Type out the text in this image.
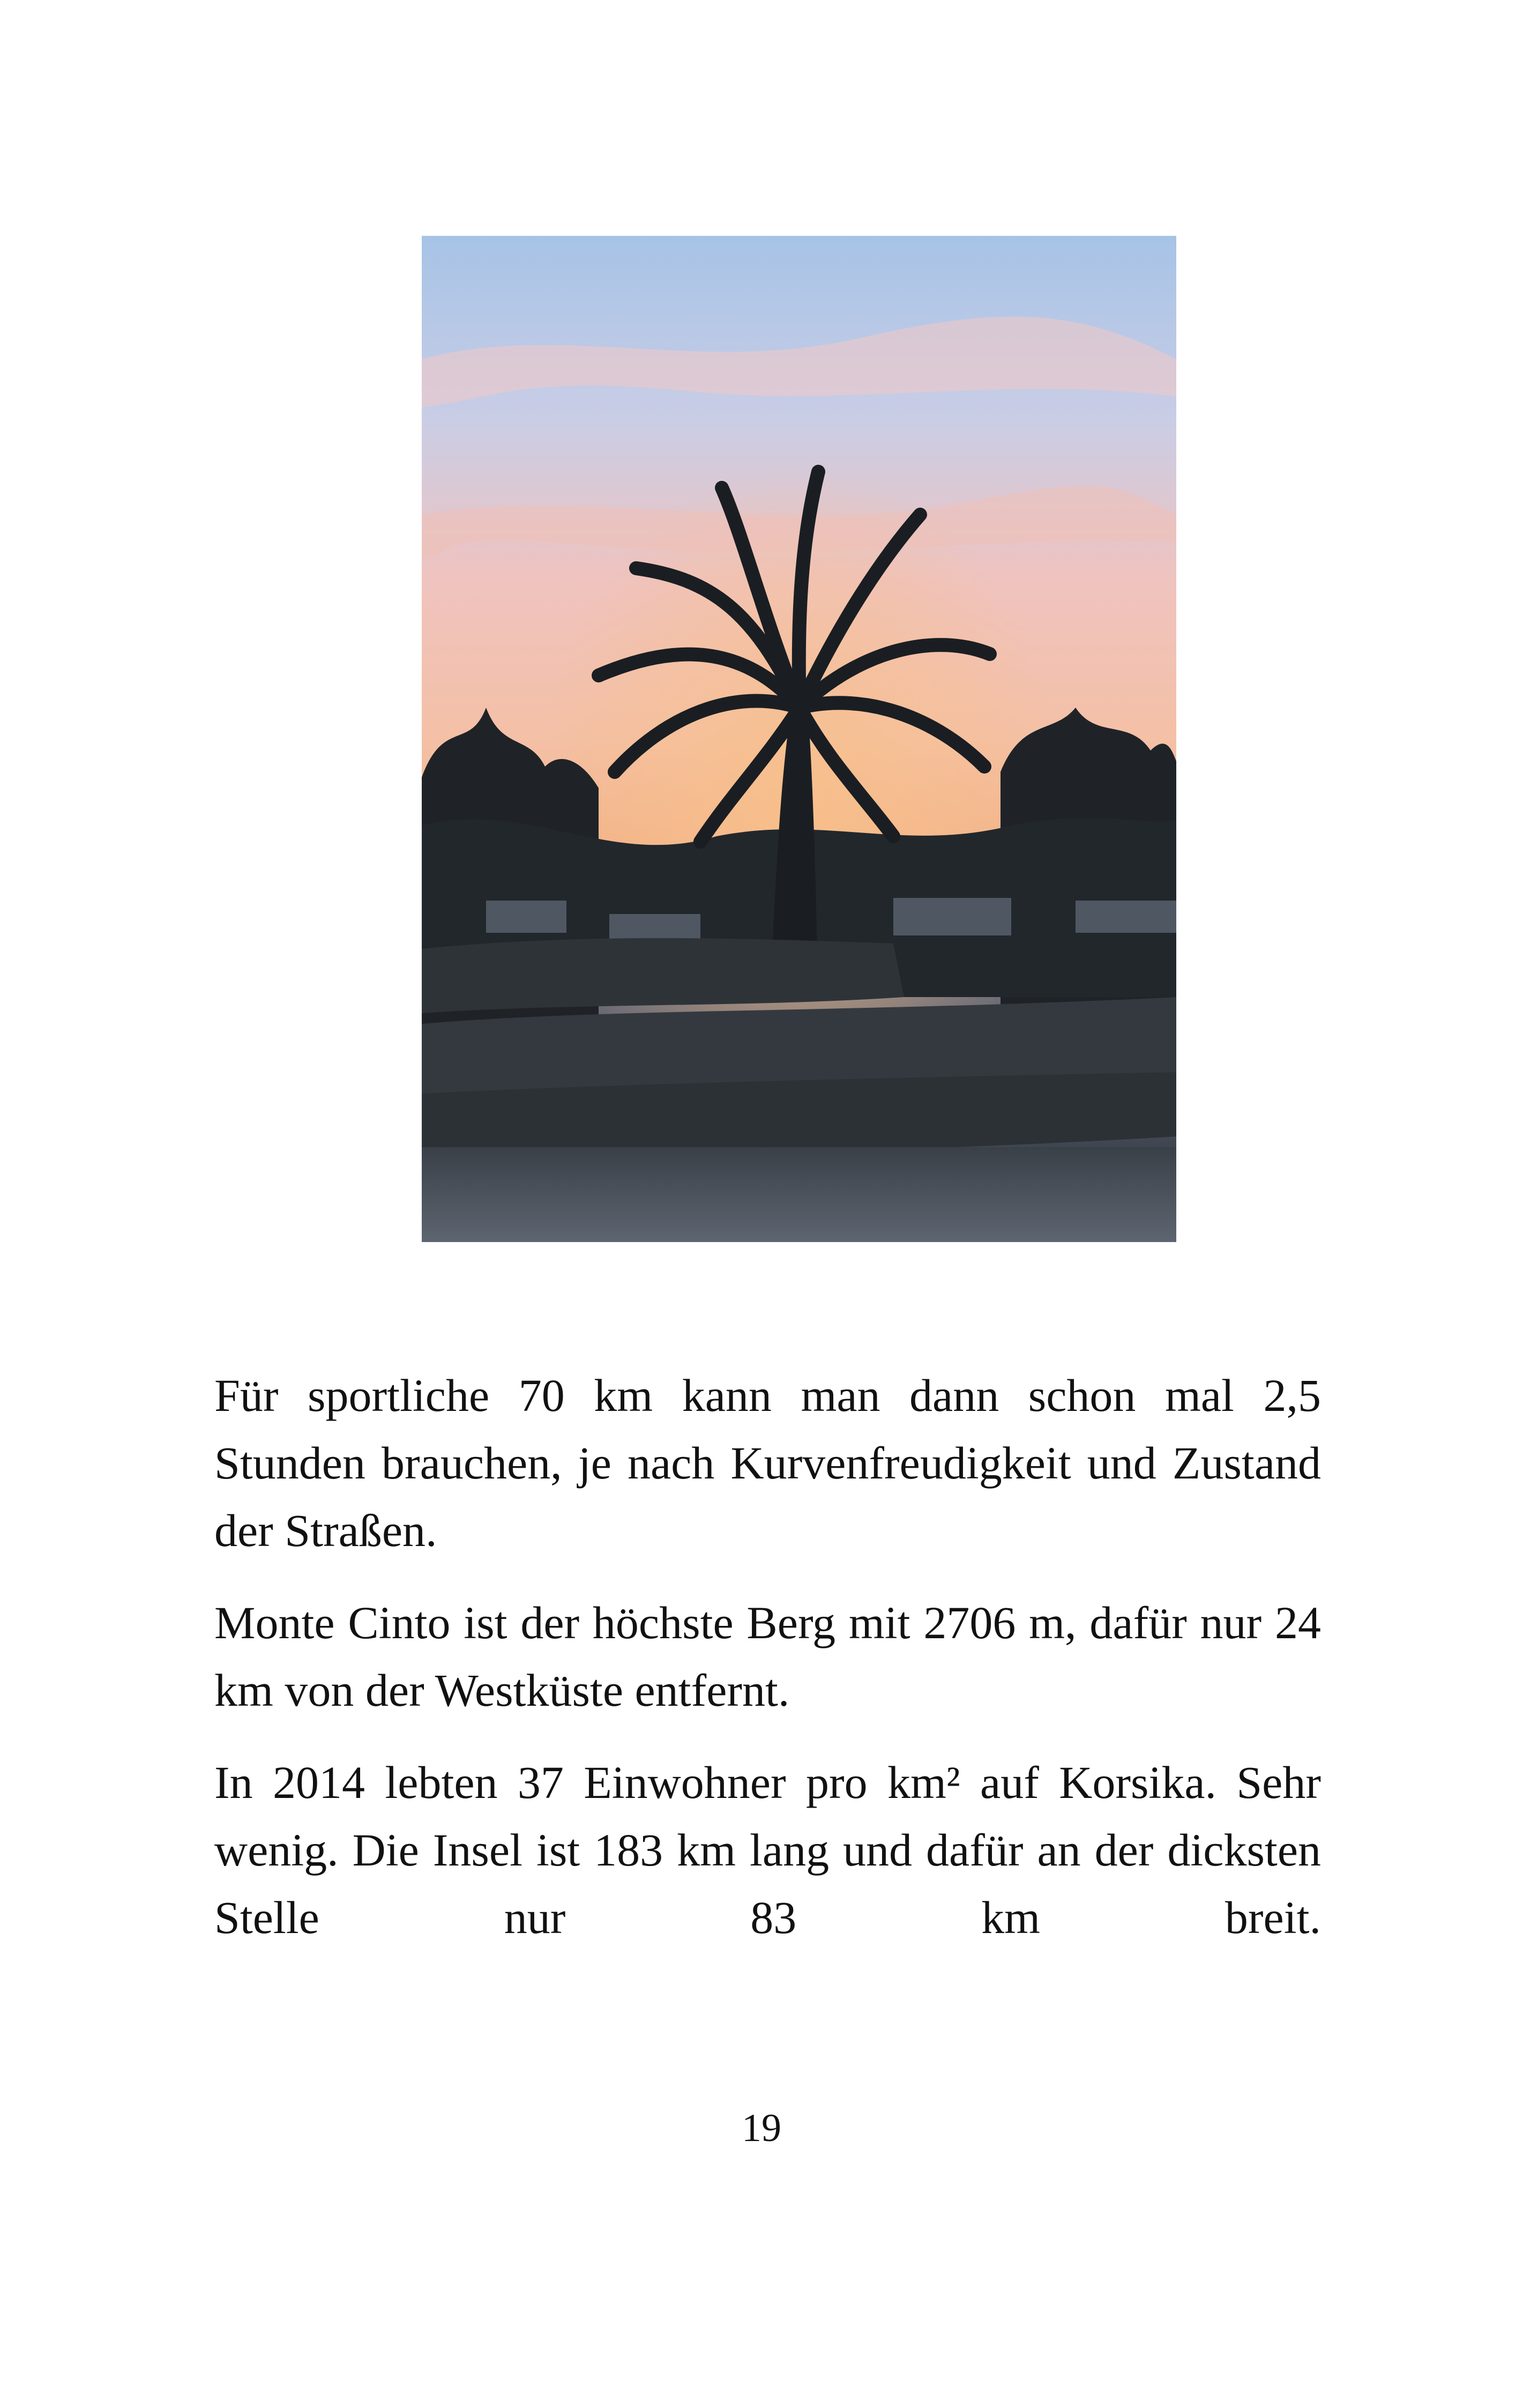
Für sportliche 70 km kann man dann schon mal 2,5 Stunden brauchen, je nach Kurvenfreudigkeit und Zustand der Straßen.

Monte Cinto ist der höchste Berg mit 2706 m, dafür nur 24 km von der Westküste entfernt.

In 2014 lebten 37 Einwohner pro km² auf Korsika. Sehr wenig. Die Insel ist 183 km lang und dafür an der dicksten Stelle nur 83 km breit.

19
